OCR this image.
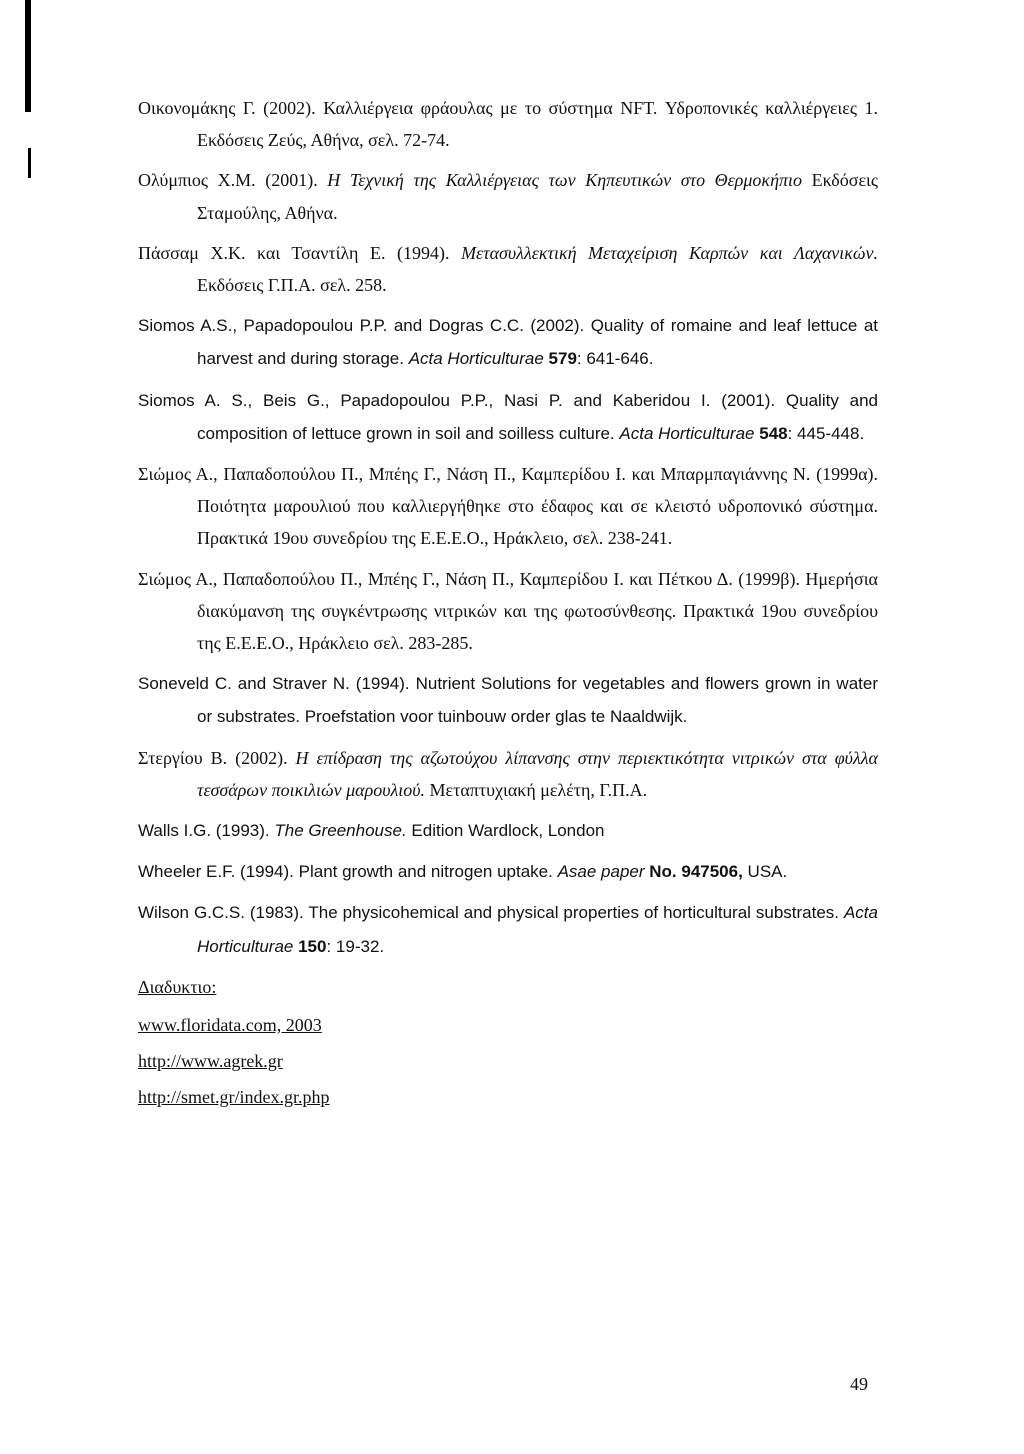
Οικονομάκης Γ. (2002). Καλλιέργεια φράουλας με το σύστημα NFT. Υδροπονικές καλλιέργειες 1. Εκδόσεις Ζεύς, Αθήνα, σελ. 72-74.

Ολύμπιος Χ.Μ. (2001). Η Τεχνική της Καλλιέργειας των Κηπευτικών στο Θερμοκήπιο Εκδόσεις Σταμούλης, Αθήνα.

Πάσσαμ Χ.Κ. και Τσαντίλη Ε. (1994). Μετασυλλεκτική Μεταχείριση Καρπών και Λαχανικών. Εκδόσεις Γ.Π.Α. σελ. 258.

Siomos A.S., Papadopoulou P.P. and Dogras C.C. (2002). Quality of romaine and leaf lettuce at harvest and during storage. Acta Horticulturae 579: 641-646.

Siomos A. S., Beis G., Papadopoulou P.P., Nasi P. and Kaberidou I. (2001). Quality and composition of lettuce grown in soil and soilless culture. Acta Horticulturae 548: 445-448.

Σιώμος Α., Παπαδοπούλου Π., Μπέης Γ., Νάση Π., Καμπερίδου Ι. και Μπαρμπαγιάννης Ν. (1999α). Ποιότητα μαρουλιού που καλλιεργήθηκε στο έδαφος και σε κλειστό υδροπονικό σύστημα. Πρακτικά 19ου συνεδρίου της Ε.Ε.Ε.Ο., Ηράκλειο, σελ. 238-241.

Σιώμος Α., Παπαδοπούλου Π., Μπέης Γ., Νάση Π., Καμπερίδου Ι. και Πέτκου Δ. (1999β). Ημερήσια διακύμανση της συγκέντρωσης νιτρικών και της φωτοσύνθεσης. Πρακτικά 19ου συνεδρίου της Ε.Ε.Ε.Ο., Ηράκλειο σελ. 283-285.

Soneveld C. and Straver N. (1994). Nutrient Solutions for vegetables and flowers grown in water or substrates. Proefstation voor tuinbouw order glas te Naaldwijk.

Στεργίου Β. (2002). Η επίδραση της αζωτούχου λίπανσης στην περιεκτικότητα νιτρικών στα φύλλα τεσσάρων ποικιλιών μαρουλιού. Μεταπτυχιακή μελέτη, Γ.Π.Α.

Walls I.G. (1993). The Greenhouse. Edition Wardlock, London

Wheeler E.F. (1994). Plant growth and nitrogen uptake. Asae paper No. 947506, USA.

Wilson G.C.S. (1983). The physicohemical and physical properties of horticultural substrates. Acta Horticulturae 150: 19-32.

Διαδυκτιο:
www.floridata.com, 2003
http://www.agrek.gr
http://smet.gr/index.gr.php
49
